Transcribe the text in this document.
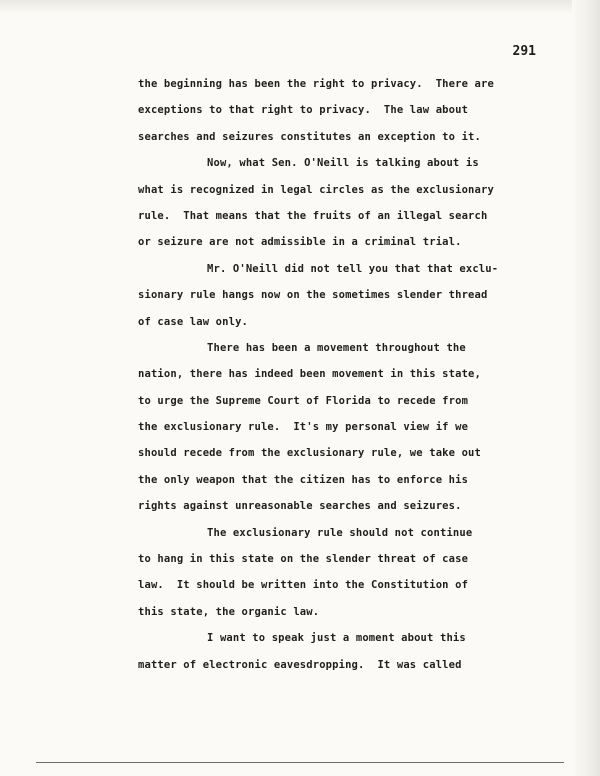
291

the beginning has been the right to privacy.  There are
exceptions to that right to privacy.  The law about
searches and seizures constitutes an exception to it.
Now, what Sen. O'Neill is talking about is
what is recognized in legal circles as the exclusionary
rule.  That means that the fruits of an illegal search
or seizure are not admissible in a criminal trial.
Mr. O'Neill did not tell you that that exclu-
sionary rule hangs now on the sometimes slender thread
of case law only.
There has been a movement throughout the
nation, there has indeed been movement in this state,
to urge the Supreme Court of Florida to recede from
the exclusionary rule.  It's my personal view if we
should recede from the exclusionary rule, we take out
the only weapon that the citizen has to enforce his
rights against unreasonable searches and seizures.
The exclusionary rule should not continue
to hang in this state on the slender threat of case
law.  It should be written into the Constitution of
this state, the organic law.
I want to speak just a moment about this
matter of electronic eavesdropping.  It was called
